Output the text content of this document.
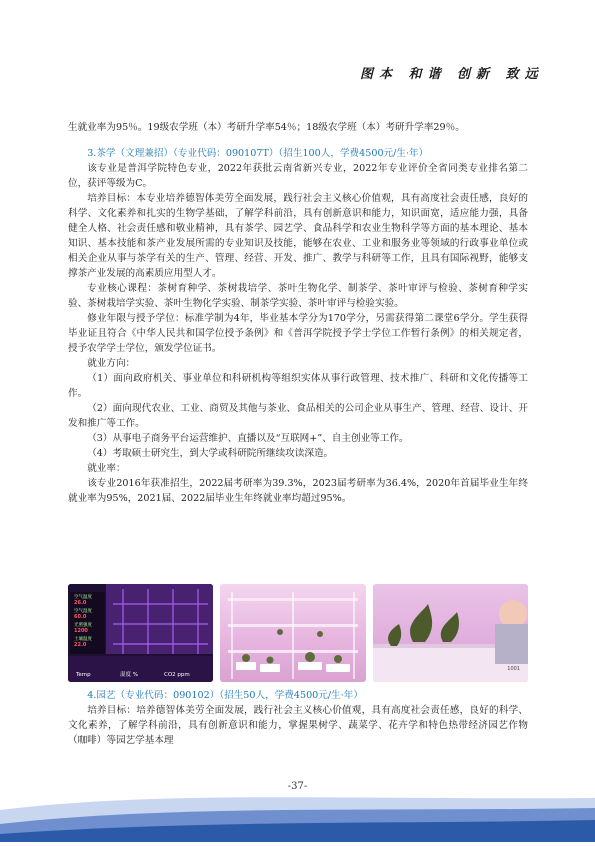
图本 和谐 创新 致远

生就业率为95％。19级农学班（本）考研升学率54％；18级农学班（本）考研升学率29％。

3.茶学（文理兼招）（专业代码：090107T）（招生100人，学费4500元/生·年）

该专业是普洱学院特色专业，2022年获批云南省新兴专业，2022年专业评价全省同类专业排名第二位，获评等级为C。

培养目标：本专业培养德智体美劳全面发展，践行社会主义核心价值观，具有高度社会责任感，良好的科学、文化素养和扎实的生物学基础，了解学科前沿，具有创新意识和能力，知识面宽，适应能力强，具备健全人格、社会责任感和敬业精神，具有茶学、园艺学、食品科学和农业生物科学等方面的基本理论、基本知识、基本技能和茶产业发展所需的专业知识及技能，能够在农业、工业和服务业等领域的行政事业单位或相关企业从事与茶学有关的生产、管理、经营、开发、推广、教学与科研等工作，且具有国际视野，能够支撑茶产业发展的高素质应用型人才。

专业核心课程：茶树育种学、茶树栽培学、茶叶生物化学、制茶学、茶叶审评与检验、茶树育种学实验、茶树栽培学实验、茶叶生物化学实验、制茶学实验、茶叶审评与检验实验。

修业年限与授予学位：标准学制为4年，毕业基本学分为170学分，另需获得第二课堂6学分。学生获得毕业证且符合《中华人民共和国学位授予条例》和《普洱学院授予学士学位工作暂行条例》的相关规定者，授予农学学士学位，颁发学位证书。

就业方向：

（1）面向政府机关、事业单位和科研机构等组织实体从事行政管理、技术推广、科研和文化传播等工作。

（2）面向现代农业、工业、商贸及其他与茶业、食品相关的公司企业从事生产、管理、经营、设计、开发和推广等工作。

（3）从事电子商务平台运营维护、直播以及“互联网+”、自主创业等工作。

（4）考取硕士研究生，到大学或科研院所继续攻读深造。

就业率：

该专业2016年获准招生，2022届考研率为39.3%，2023届考研率为36.4%，2020年首届毕业生年终就业率为95%，2021届、2022届毕业生年终就业率均超过95%。

空气温度
26.0
空气湿度
60.0
光照强度
1200
土壤温度
22.0
Temp	湿度 %	CO2 ppm
1001

4.园艺（专业代码：090102）（招生50人，学费4500元/生·年）

培养目标：培养德智体美劳全面发展，践行社会主义核心价值观，具有高度社会责任感，良好的科学、文化素养，了解学科前沿，具有创新意识和能力，掌握果树学、蔬菜学、花卉学和特色热带经济园艺作物（咖啡）等园艺学基本理

-37-
